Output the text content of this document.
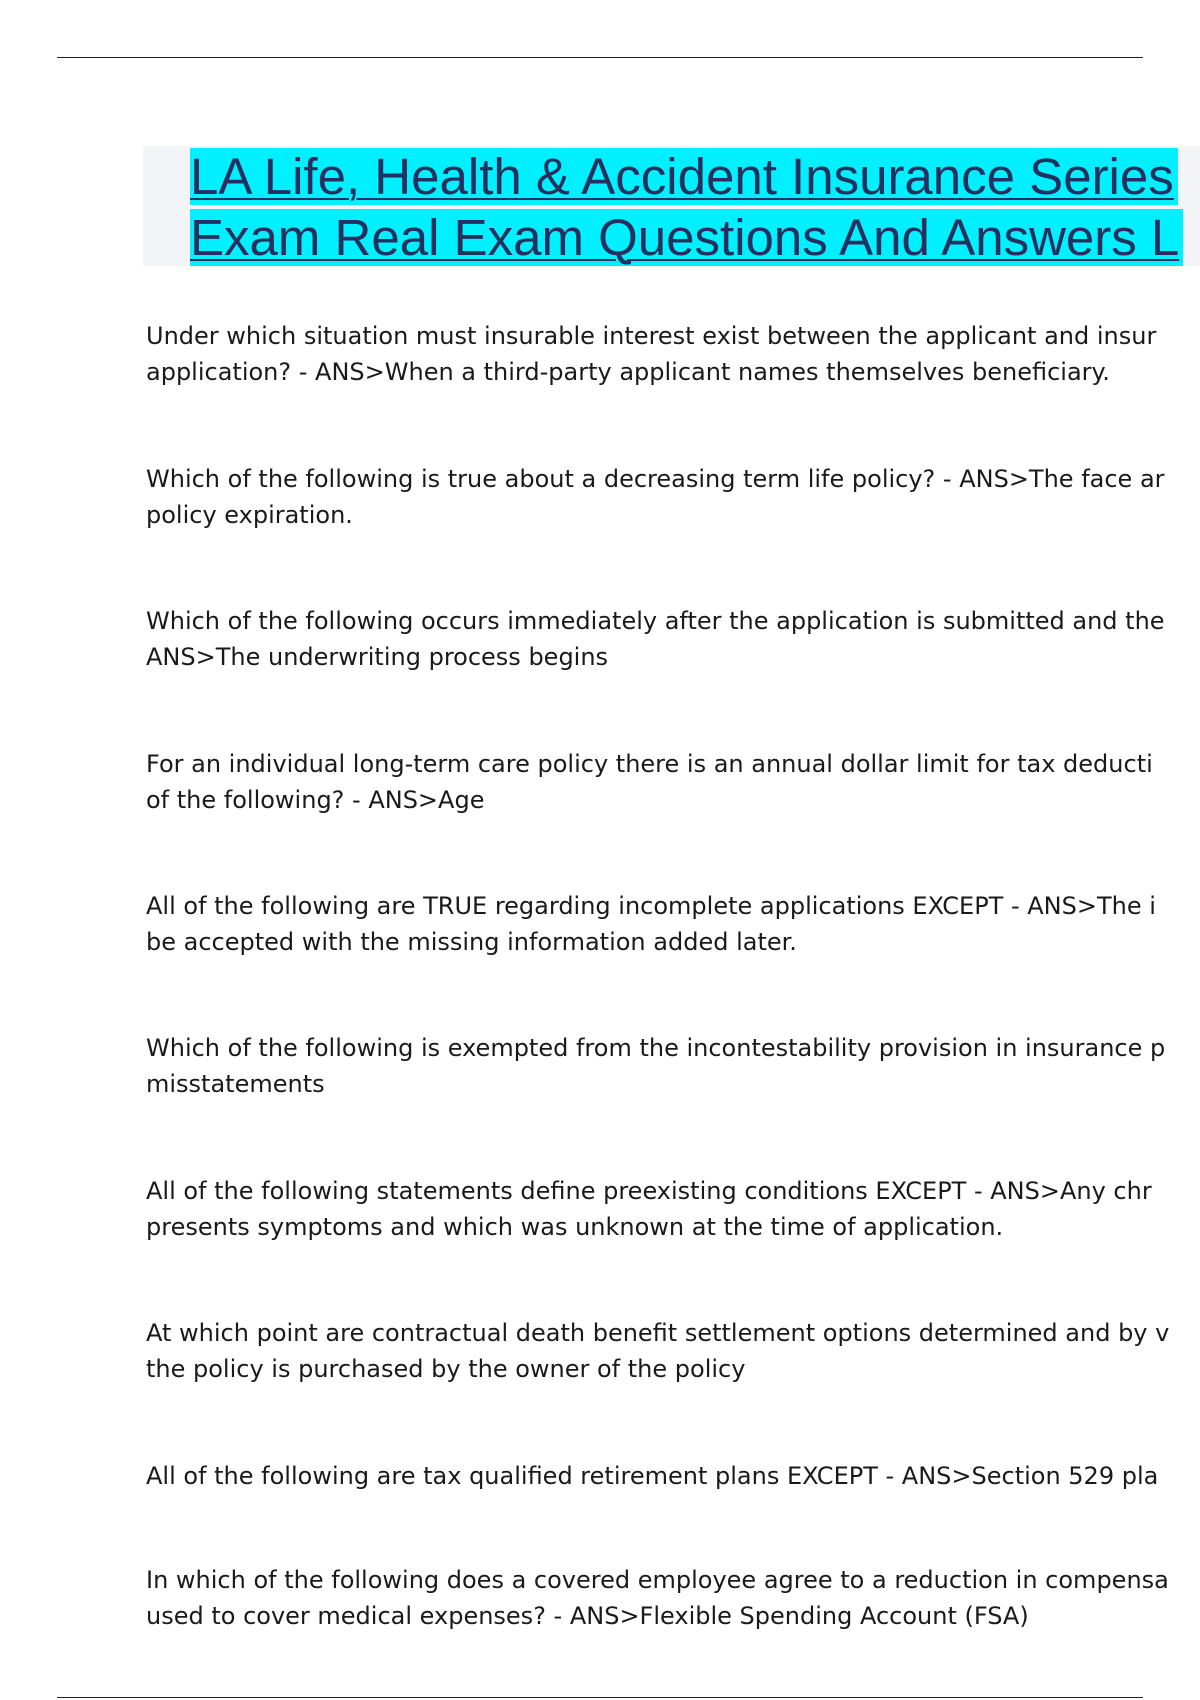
LA Life, Health & Accident Insurance Series
Exam Real Exam Questions And Answers L
Under which situation must insurable interest exist between the applicant and insur
application? - ANS>When a third-party applicant names themselves beneficiary.
Which of the following is true about a decreasing term life policy? - ANS>The face ar
policy expiration.
Which of the following occurs immediately after the application is submitted and the
ANS>The underwriting process begins
For an individual long-term care policy there is an annual dollar limit for tax deducti
of the following? - ANS>Age
All of the following are TRUE regarding incomplete applications EXCEPT - ANS>The i
be accepted with the missing information added later.
Which of the following is exempted from the incontestability provision in insurance p
misstatements
All of the following statements define preexisting conditions EXCEPT - ANS>Any chr
presents symptoms and which was unknown at the time of application.
At which point are contractual death benefit settlement options determined and by v
the policy is purchased by the owner of the policy
All of the following are tax qualified retirement plans EXCEPT - ANS>Section 529 pla
In which of the following does a covered employee agree to a reduction in compensа
used to cover medical expenses? - ANS>Flexible Spending Account (FSA)
